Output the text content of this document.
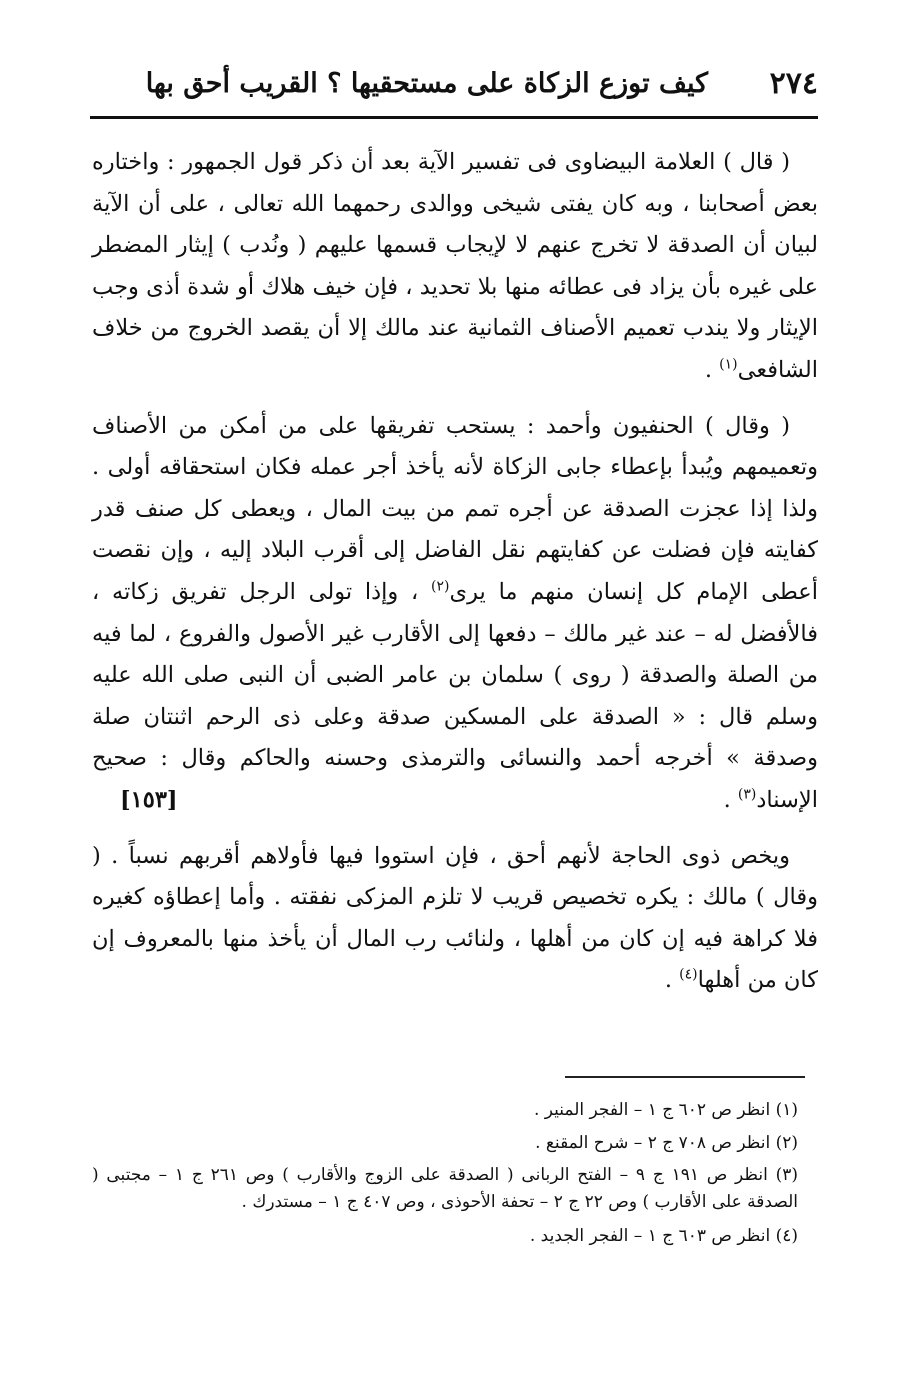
٢٧٤
كيف توزع الزكاة على مستحقيها ؟ القريب أحق بها

( قال ) العلامة البيضاوى فى تفسير الآية بعد أن ذكر قول الجمهور : واختاره بعض أصحابنا ، وبه كان يفتى شيخى ووالدى رحمهما الله تعالى ، على أن الآية لبيان أن الصدقة لا تخرج عنهم لا لإيجاب قسمها عليهم ( ونُدب ) إيثار المضطر على غيره بأن يزاد فى عطائه منها بلا تحديد ، فإن خيف هلاك أو شدة أذى وجب الإيثار ولا يندب تعميم الأصناف الثمانية عند مالك إلا أن يقصد الخروج من خلاف الشافعى$^{(١)}$ .

( وقال ) الحنفيون وأحمد : يستحب تفريقها على من أمكن من الأصناف وتعميمهم ويُبدأ بإعطاء جابى الزكاة لأنه يأخذ أجر عمله فكان استحقاقه أولى . ولذا إذا عجزت الصدقة عن أجره تمم من بيت المال ، ويعطى كل صنف قدر كفايته فإن فضلت عن كفايتهم نقل الفاضل إلى أقرب البلاد إليه ، وإن نقصت أعطى الإمام كل إنسان منهم ما يرى$^{(٢)}$ ، وإذا تولى الرجل تفريق زكاته ، فالأفضل له – عند غير مالك – دفعها إلى الأقارب غير الأصول والفروع ، لما فيه من الصلة والصدقة ( روى ) سلمان بن عامر الضبى أن النبى صلى الله عليه وسلم قال : « الصدقة على المسكين صدقة وعلى ذى الرحم اثنتان صلة وصدقة » أخرجه أحمد والنسائى والترمذى وحسنه والحاكم وقال : صحيح الإسناد$^{(٣)}$ .
[١٥٣]

ويخص ذوى الحاجة لأنهم أحق ، فإن استووا فيها فأولاهم أقربهم نسباً . ( وقال ) مالك : يكره تخصيص قريب لا تلزم المزكى نفقته . وأما إعطاؤه كغيره فلا كراهة فيه إن كان من أهلها ، ولنائب رب المال أن يأخذ منها بالمعروف إن كان من أهلها$^{(٤)}$ .

(١) انظر ص ٦٠٢ ج ١ – الفجر المنير .

(٢) انظر ص ٧٠٨ ج ٢ – شرح المقنع .

(٣) انظر ص ١٩١ ج ٩ – الفتح الربانى ( الصدقة على الزوج والأقارب ) وص ٢٦١ ج ١ – مجتبى ( الصدقة على الأقارب ) وص ٢٢ ج ٢ – تحفة الأحوذى ، وص ٤٠٧ ج ١ – مستدرك .

(٤) انظر ص ٦٠٣ ج ١ – الفجر الجديد .
